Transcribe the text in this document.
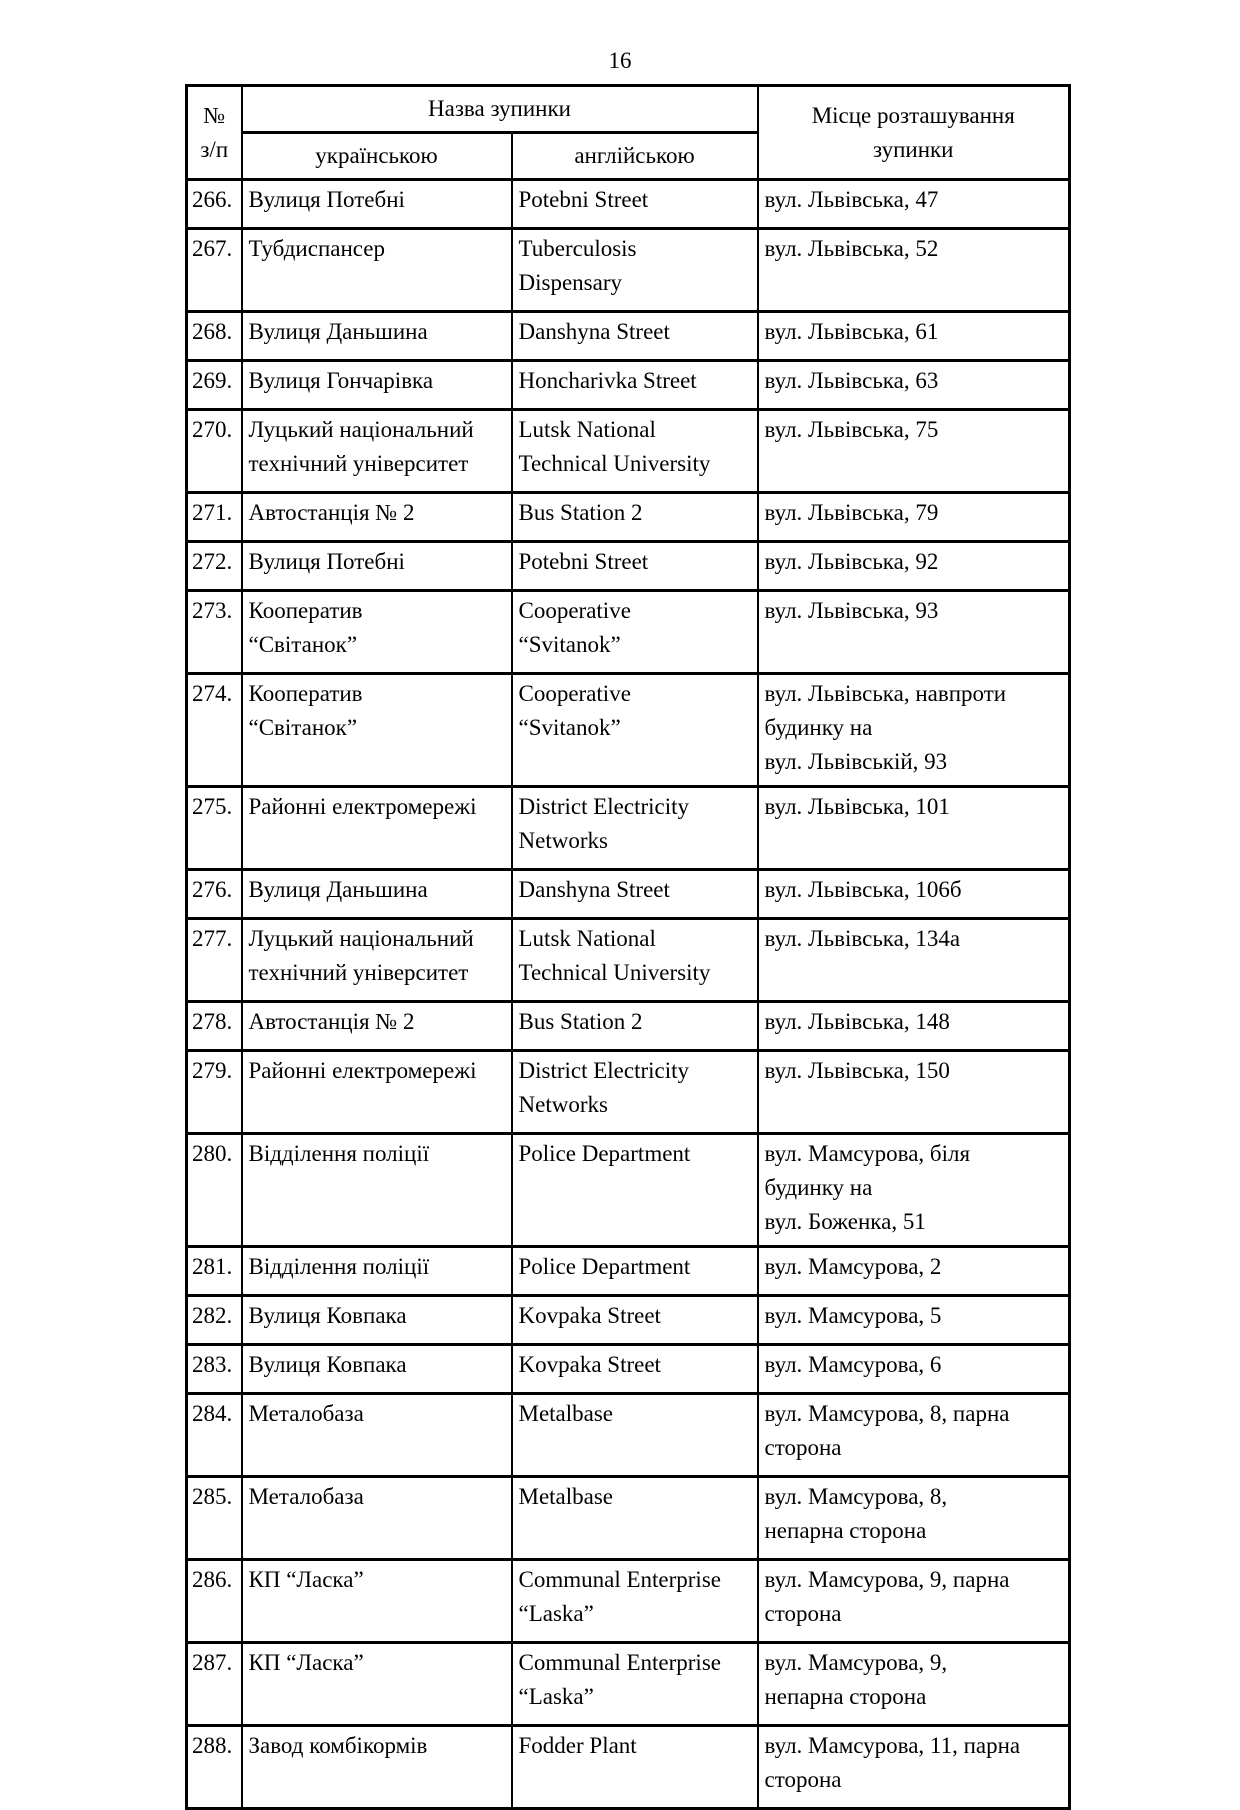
16
№
з/п	Назва зупинки		Місце розташування
зупинки
	українською	англійською	
266.	Вулиця Потебні	Potebni Street	вул. Львівська, 47
267.	Тубдиспансер	Tuberculosis
Dispensary	вул. Львівська, 52
268.	Вулиця Даньшина	Danshyna Street	вул. Львівська, 61
269.	Вулиця Гончарівка	Honcharivka Street	вул. Львівська, 63
270.	Луцький національний
технічний університет	Lutsk National
Technical University	вул. Львівська, 75
271.	Автостанція № 2	Bus Station 2	вул. Львівська, 79
272.	Вулиця Потебні	Potebni Street	вул. Львівська, 92
273.	Кооператив
“Світанок”	Cooperative
“Svitanok”	вул. Львівська, 93
274.	Кооператив
“Світанок”	Cooperative
“Svitanok”	вул. Львівська, навпроти
будинку на
вул. Львівській, 93
275.	Районні електромережі	District Electricity
Networks	вул. Львівська, 101
276.	Вулиця Даньшина	Danshyna Street	вул. Львівська, 106б
277.	Луцький національний
технічний університет	Lutsk National
Technical University	вул. Львівська, 134а
278.	Автостанція № 2	Bus Station 2	вул. Львівська, 148
279.	Районні електромережі	District Electricity
Networks	вул. Львівська, 150
280.	Відділення поліції	Police Department	вул. Мамсурова, біля
будинку на
вул. Боженка, 51
281.	Відділення поліції	Police Department	вул. Мамсурова, 2
282.	Вулиця Ковпака	Kovpaka Street	вул. Мамсурова, 5
283.	Вулиця Ковпака	Kovpaka Street	вул. Мамсурова, 6
284.	Металобаза	Metalbase	вул. Мамсурова, 8, парна
сторона
285.	Металобаза	Metalbase	вул. Мамсурова, 8,
непарна сторона
286.	КП “Ласка”	Communal Enterprise
“Laska”	вул. Мамсурова, 9, парна
сторона
287.	КП “Ласка”	Communal Enterprise
“Laska”	вул. Мамсурова, 9,
непарна сторона
288.	Завод комбікормів	Fodder Plant	вул. Мамсурова, 11, парна
сторона
